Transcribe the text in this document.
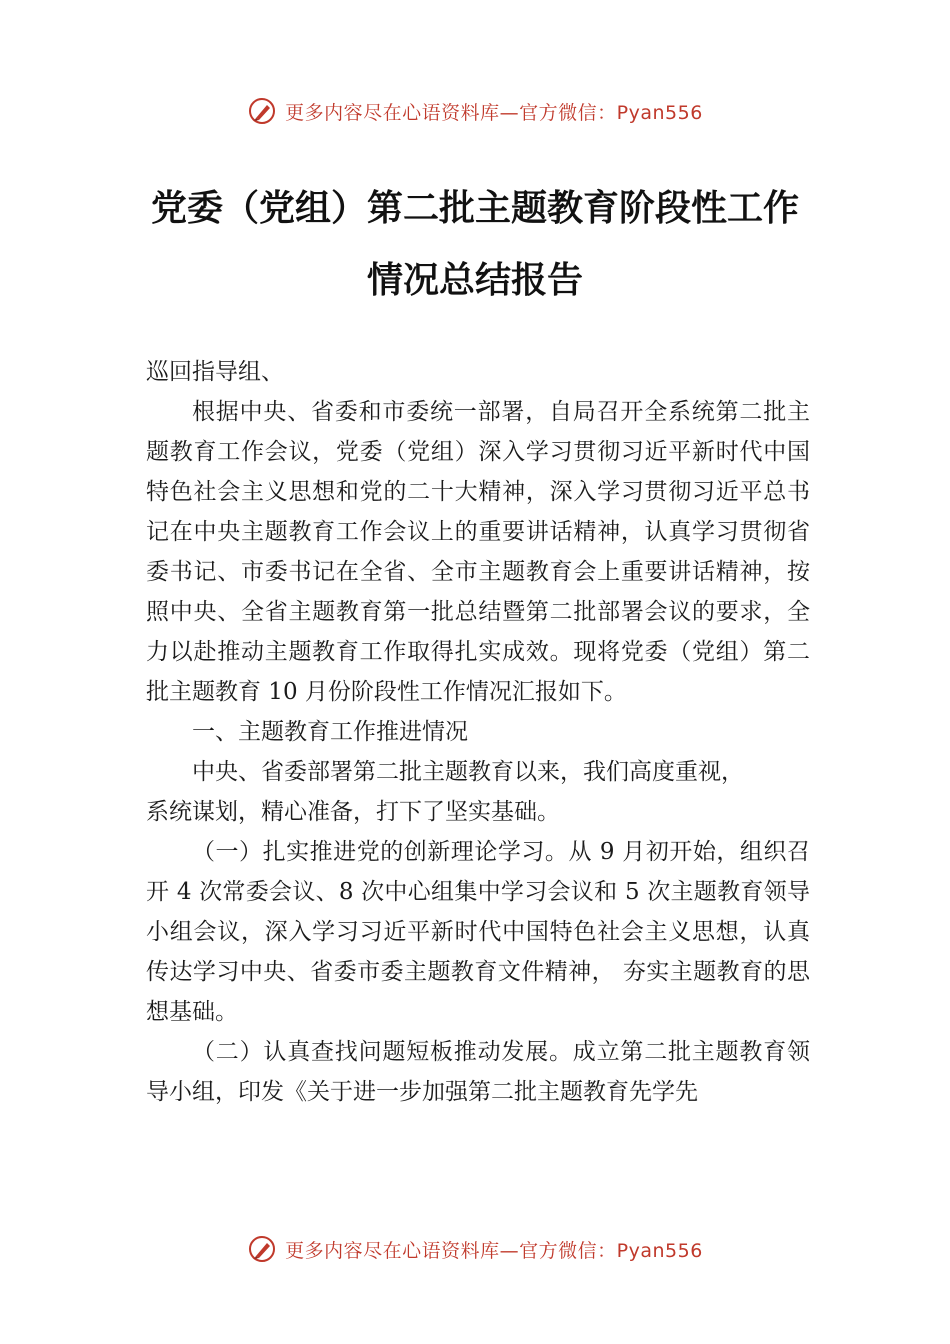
更多内容尽在心语资料库—官方微信：Pyan556
党委（党组）第二批主题教育阶段性工作
情况总结报告

巡回指导组、

根据中央、省委和市委统一部署，自局召开全系统第二批主题教育工作会议，党委（党组）深入学习贯彻习近平新时代中国特色社会主义思想和党的二十大精神，深入学习贯彻习近平总书记在中央主题教育工作会议上的重要讲话精神，认真学习贯彻省委书记、市委书记在全省、全市主题教育会上重要讲话精神，按照中央、全省主题教育第一批总结暨第二批部署会议的要求，全力以赴推动主题教育工作取得扎实成效。现将党委（党组）第二批主题教育 10 月份阶段性工作情况汇报如下。

一、主题教育工作推进情况

中央、省委部署第二批主题教育以来，我们高度重视，

系统谋划，精心准备，打下了坚实基础。

（一）扎实推进党的创新理论学习。从 9 月初开始，组织召开 4 次常委会议、8 次中心组集中学习会议和 5 次主题教育领导小组会议，深入学习习近平新时代中国特色社会主义思想，认真传达学习中央、省委市委主题教育文件精神， 夯实主题教育的思想基础。

（二）认真查找问题短板推动发展。成立第二批主题教育领导小组，印发《关于进一步加强第二批主题教育先学先

更多内容尽在心语资料库—官方微信：Pyan556
